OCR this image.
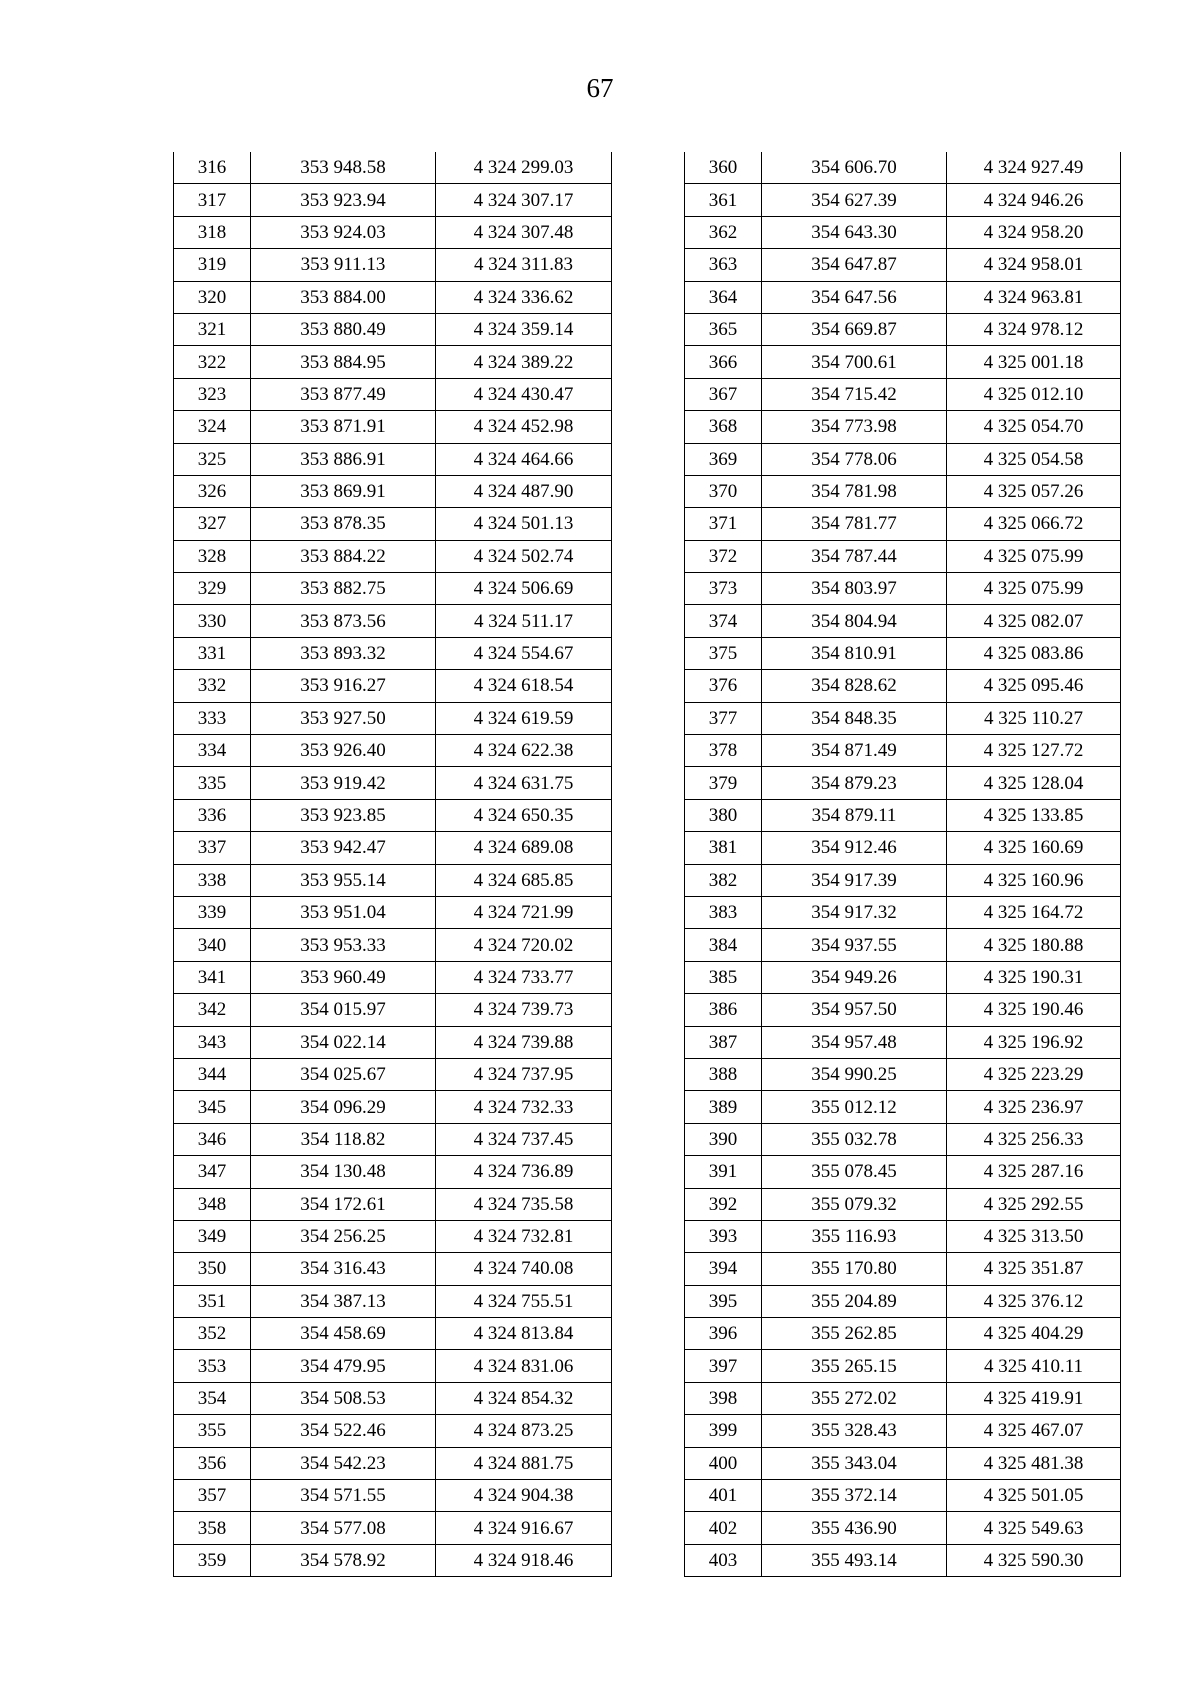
67
316	353 948.58	4 324 299.03
317	353 923.94	4 324 307.17
318	353 924.03	4 324 307.48
319	353 911.13	4 324 311.83
320	353 884.00	4 324 336.62
321	353 880.49	4 324 359.14
322	353 884.95	4 324 389.22
323	353 877.49	4 324 430.47
324	353 871.91	4 324 452.98
325	353 886.91	4 324 464.66
326	353 869.91	4 324 487.90
327	353 878.35	4 324 501.13
328	353 884.22	4 324 502.74
329	353 882.75	4 324 506.69
330	353 873.56	4 324 511.17
331	353 893.32	4 324 554.67
332	353 916.27	4 324 618.54
333	353 927.50	4 324 619.59
334	353 926.40	4 324 622.38
335	353 919.42	4 324 631.75
336	353 923.85	4 324 650.35
337	353 942.47	4 324 689.08
338	353 955.14	4 324 685.85
339	353 951.04	4 324 721.99
340	353 953.33	4 324 720.02
341	353 960.49	4 324 733.77
342	354 015.97	4 324 739.73
343	354 022.14	4 324 739.88
344	354 025.67	4 324 737.95
345	354 096.29	4 324 732.33
346	354 118.82	4 324 737.45
347	354 130.48	4 324 736.89
348	354 172.61	4 324 735.58
349	354 256.25	4 324 732.81
350	354 316.43	4 324 740.08
351	354 387.13	4 324 755.51
352	354 458.69	4 324 813.84
353	354 479.95	4 324 831.06
354	354 508.53	4 324 854.32
355	354 522.46	4 324 873.25
356	354 542.23	4 324 881.75
357	354 571.55	4 324 904.38
358	354 577.08	4 324 916.67
359	354 578.92	4 324 918.46
360	354 606.70	4 324 927.49
361	354 627.39	4 324 946.26
362	354 643.30	4 324 958.20
363	354 647.87	4 324 958.01
364	354 647.56	4 324 963.81
365	354 669.87	4 324 978.12
366	354 700.61	4 325 001.18
367	354 715.42	4 325 012.10
368	354 773.98	4 325 054.70
369	354 778.06	4 325 054.58
370	354 781.98	4 325 057.26
371	354 781.77	4 325 066.72
372	354 787.44	4 325 075.99
373	354 803.97	4 325 075.99
374	354 804.94	4 325 082.07
375	354 810.91	4 325 083.86
376	354 828.62	4 325 095.46
377	354 848.35	4 325 110.27
378	354 871.49	4 325 127.72
379	354 879.23	4 325 128.04
380	354 879.11	4 325 133.85
381	354 912.46	4 325 160.69
382	354 917.39	4 325 160.96
383	354 917.32	4 325 164.72
384	354 937.55	4 325 180.88
385	354 949.26	4 325 190.31
386	354 957.50	4 325 190.46
387	354 957.48	4 325 196.92
388	354 990.25	4 325 223.29
389	355 012.12	4 325 236.97
390	355 032.78	4 325 256.33
391	355 078.45	4 325 287.16
392	355 079.32	4 325 292.55
393	355 116.93	4 325 313.50
394	355 170.80	4 325 351.87
395	355 204.89	4 325 376.12
396	355 262.85	4 325 404.29
397	355 265.15	4 325 410.11
398	355 272.02	4 325 419.91
399	355 328.43	4 325 467.07
400	355 343.04	4 325 481.38
401	355 372.14	4 325 501.05
402	355 436.90	4 325 549.63
403	355 493.14	4 325 590.30
